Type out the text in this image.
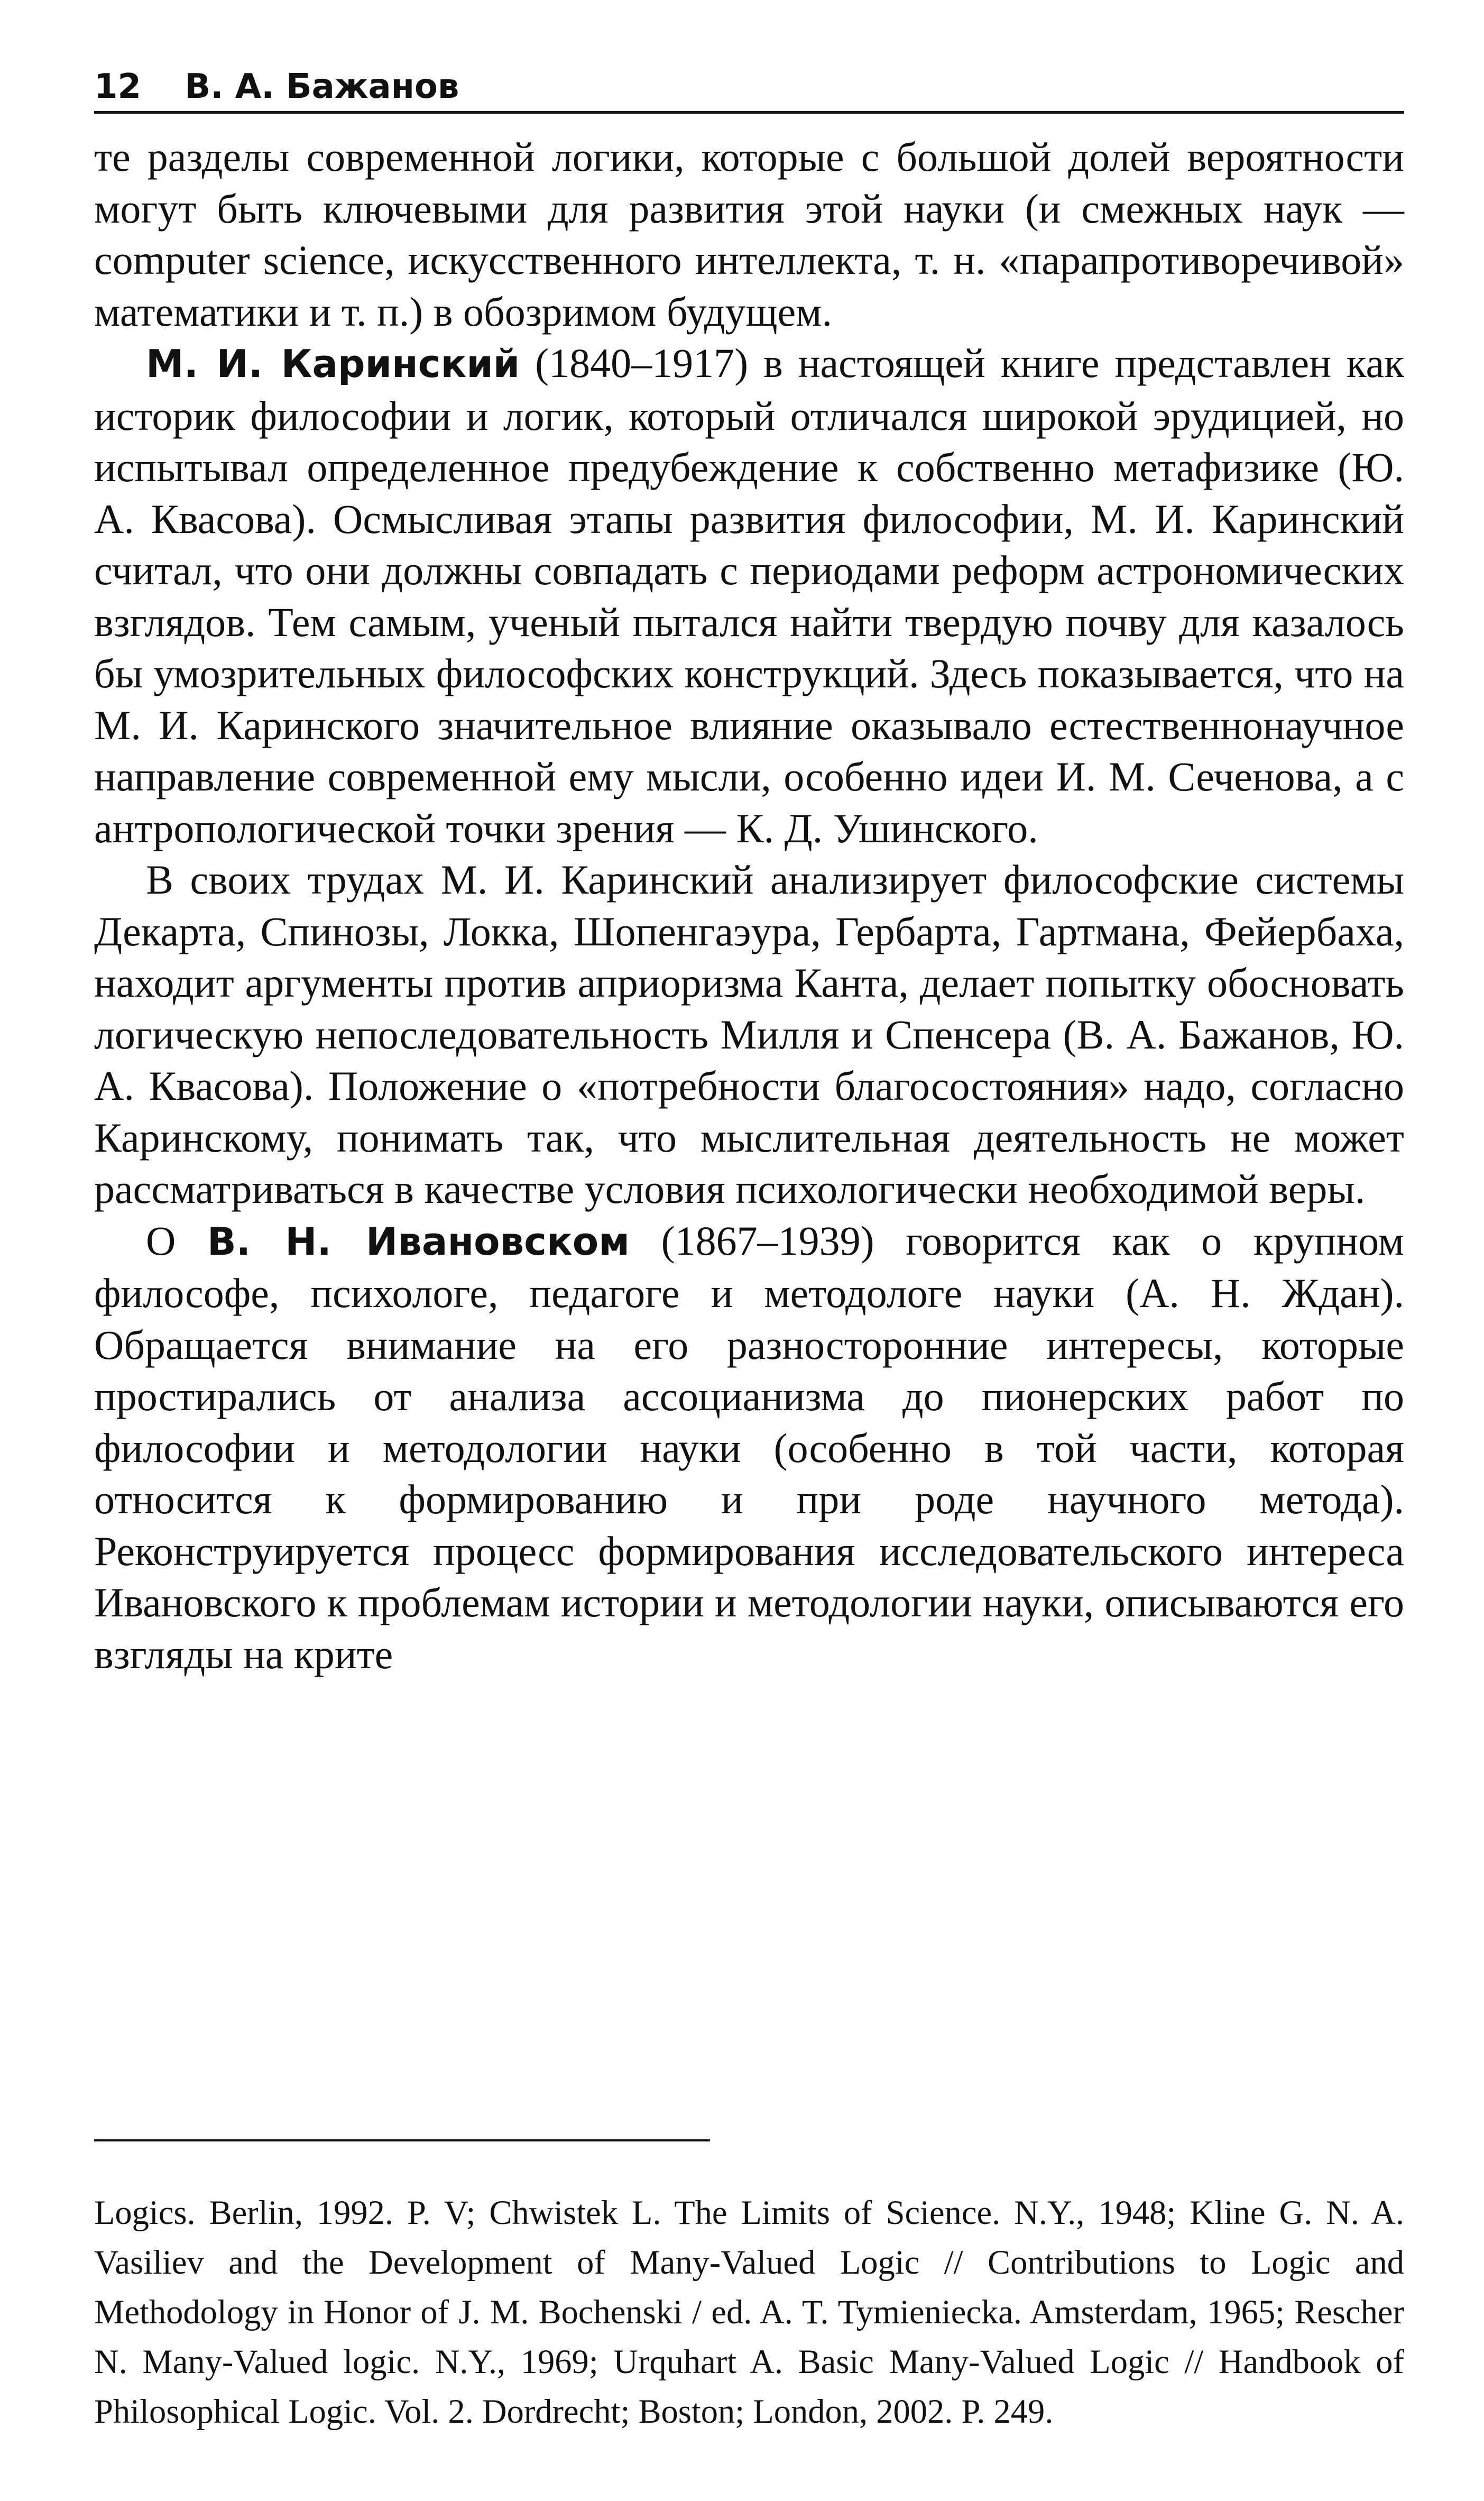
12 В. А. Бажанов

те разделы современной логики, которые с большой долей вероятности могут быть ключевыми для развития этой науки (и смежных наук — computer science, искусственного интеллекта, т. н. «парапротиворечивой» математики и т. п.) в обозримом будущем.

М. И. Каринский (1840–1917) в настоящей книге представлен как историк философии и логик, который отличался широкой эрудицией, но испытывал определенное предубеждение к собственно метафизике (Ю. А. Квасова). Осмысливая этапы развития философии, М. И. Каринский считал, что они должны совпадать с периодами реформ астрономических взглядов. Тем самым, ученый пытался найти твердую почву для казалось бы умозрительных философских конструкций. Здесь показывается, что на М. И. Каринского значительное влияние оказывало естественнонаучное направление современной ему мысли, особенно идеи И. М. Сеченова, а с антропологической точки зрения — К. Д. Ушинского.

В своих трудах М. И. Каринский анализирует философские системы Декарта, Спинозы, Локка, Шопенгаэура, Гербарта, Гартмана, Фейербаха, находит аргументы против априоризма Канта, делает попытку обосновать логическую непоследовательность Милля и Спенсера (В. А. Бажанов, Ю. А. Квасова). Положение о «потребности благосостояния» надо, согласно Каринскому, понимать так, что мыслительная деятельность не может рассматриваться в качестве условия психологически необходимой веры.

О В. Н. Ивановском (1867–1939) говорится как о крупном философе, психологе, педагоге и методологе науки (А. Н. Ждан). Обращается внимание на его разносторонние интересы, которые простирались от анализа ассоцианизма до пионерских работ по философии и методологии науки (особенно в той части, которая относится к формированию и при роде научного метода). Реконструируется процесс формирования исследовательского интереса Ивановского к проблемам истории и методологии науки, описываются его взгляды на крите

Logics. Berlin, 1992. P. V; Chwistek L. The Limits of Science. N.Y., 1948; Kline G. N. A. Vasiliev and the Development of Many-Valued Logic // Contributions to Logic and Methodology in Honor of J. M. Bochenski / ed. A. T. Tymieniecka. Amsterdam, 1965; Rescher N. Many-Valued logic. N.Y., 1969; Urquhart A. Basic Many-Valued Logic // Handbook of Philosophical Logic. Vol. 2. Dordrecht; Boston; London, 2002. P. 249.
